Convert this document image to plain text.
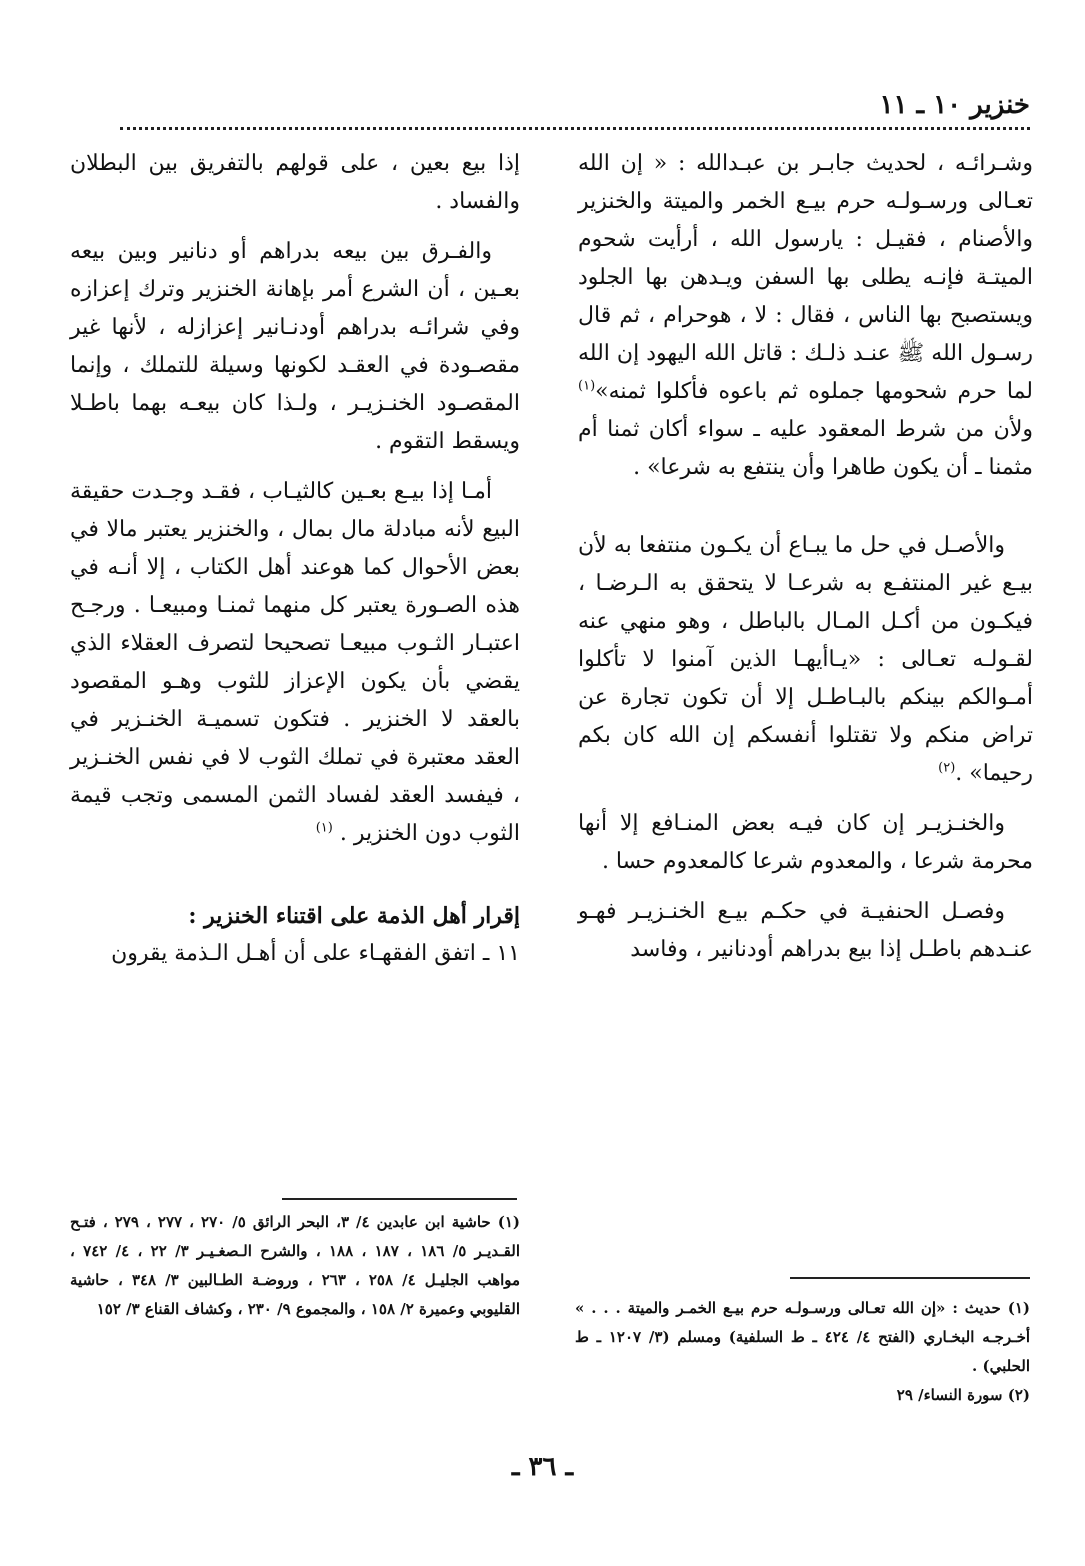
خنزير ١٠ ـ ١١

وشـرائـه ، لحديث جابـر بن عبـدالله : « إن الله تعـالى ورسـولـه حرم بيـع الخمر والميتة والخنزير والأصنام ، فقيـل : يارسول الله ، أرأيت شحوم الميتـة فإنـه يطلى بها السفن ويـدهن بها الجلود ويستصبح بها الناس ، فقال : لا ، هوحرام ، ثم قال رسـول الله ﷺ عنـد ذلـك : قاتل الله اليهود إن الله لما حرم شحومها جملوه ثم باعوه فأكلوا ثمنه»$^{(١)}$ ولأن من شرط المعقود عليه ـ سواء أكان ثمنا أم مثمنا ـ أن يكون طاهرا وأن ينتفع به شرعا» .

والأصـل في حل ما يبـاع أن يكـون منتفعا به لأن بيـع غير المنتفـع به شرعـا لا يتحقق به الـرضـا ، فيكـون من أكـل المـال بالباطل ، وهو منهي عنه لقـولـه تعـالى : «يـاأيهـا الذين آمنوا لا تأكلوا أمـوالكم بينكم بالبـاطـل إلا أن تكون تجارة عن تراض منكم ولا تقتلوا أنفسكم إن الله كان بكم رحيما» .$^{(٢)}$

والخنـزيـر إن كان فيـه بعض المنـافع إلا أنها محرمة شرعا ، والمعدوم شرعا كالمعدوم حسا .

وفصـل الحنفيـة في حكـم بيـع الخنـزيـر فهـو عنـدهم باطـل إذا بيع بدراهم أودنانير ، وفاسد

إذا بيع بعين ، على قولهم بالتفريق بين البطلان والفساد .

والفـرق بين بيعه بدراهم أو دنانير وبين بيعه بعـين ، أن الشرع أمر بإهانة الخنزير وترك إعزازه وفي شرائـه بدراهم أودنـانير إعزازله ، لأنها غير مقصـودة في العقـد لكونها وسيلة للتملك ، وإنما المقصـود الخنـزيـر ، ولـذا كان بيعـه بهما باطـلا ويسقط التقوم .

أمـا إذا بيـع بعـين كالثيـاب ، فقـد وجـدت حقيقة البيع لأنه مبادلة مال بمال ، والخنزير يعتبر مالا في بعض الأحوال كما هوعند أهل الكتاب ، إلا أنـه في هذه الصـورة يعتبر كل منهما ثمنـا ومبيعـا . ورجـح اعتبـار الثـوب مبيعـا تصحيحا لتصرف العقلاء الذي يقضي بأن يكون الإعزاز للثوب وهـو المقصود بالعقد لا الخنزير . فتكون تسميـة الخنـزير في العقد معتبرة في تملك الثوب لا في نفس الخنـزير ، فيفسد العقد لفساد الثمن المسمى وتجب قيمة الثوب دون الخنزير . $^{(١)}$

إقرار أهل الذمة على اقتناء الخنزير :

١١ ـ اتفق الفقهـاء على أن أهـل الـذمة يقرون

(١) حاشية ابن عابدين ٤/ ٣، البحر الرائق ٥/ ٢٧٠ ، ٢٧٧ ، ٢٧٩ ، فتـح القـديـر ٥/ ١٨٦ ، ١٨٧ ، ١٨٨ ، والشرح الـصغـيـر ٣/ ٢٢ ، ٤/ ٧٤٢ ، مواهب الجليـل ٤/ ٢٥٨ ، ٢٦٣ ، وروضـة الطـالبين ٣/ ٣٤٨ ، حاشية القليوبي وعميرة ٢/ ١٥٨ ، والمجموع ٩/ ٢٣٠ ، وكشاف القناع ٣/ ١٥٢	(١) حديث : «إن الله تعـالى ورسـولـه حرم بيـع الخمـر والميتة . . . » أخـرجـه البخـاري (الفتح ٤/ ٤٢٤ ـ ط السلفية) ومسلم (٣/ ١٢٠٧ ـ ط الحلبي) .

(٢) سورة النساء/ ٢٩

ـ ٣٦ ـ
